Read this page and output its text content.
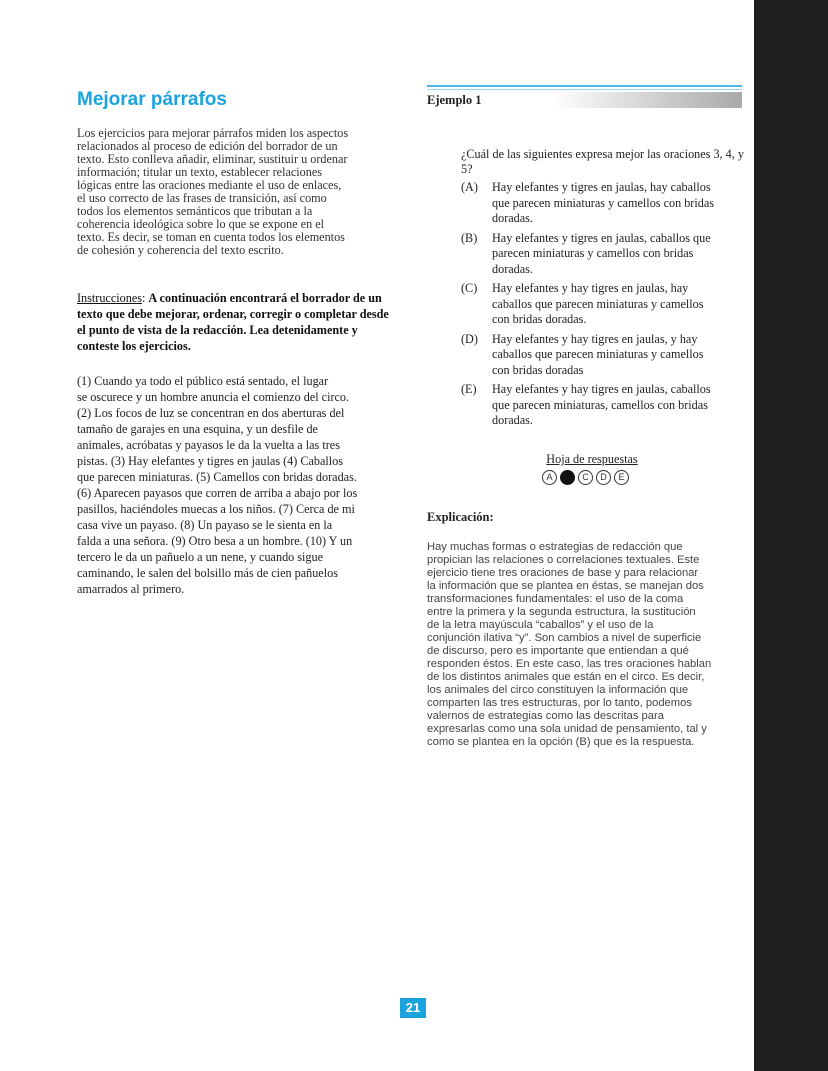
Mejorar párrafos
Los ejercicios para mejorar párrafos miden los aspectos
relacionados al proceso de edición del borrador de un
texto. Esto conlleva añadir, eliminar, sustituir u ordenar
información; titular un texto, establecer relaciones
lógicas entre las oraciones mediante el uso de enlaces,
el uso correcto de las frases de transición, así como
todos los elementos semánticos que tributan a la
coherencia ideológica sobre lo que se expone en el
texto. Es decir, se toman en cuenta todos los elementos
de cohesión y coherencia del texto escrito.

Instrucciones: A continuación encontrará el borrador de un texto que debe mejorar, ordenar, corregir o completar desde el punto de vista de la redacción. Lea detenidamente y conteste los ejercicios.

(1) Cuando ya todo el público está sentado, el lugar
se oscurece y un hombre anuncia el comienzo del circo.
(2) Los focos de luz se concentran en dos aberturas del
tamaño de garajes en una esquina, y un desfile de
animales, acróbatas y payasos le da la vuelta a las tres
pistas. (3) Hay elefantes y tigres en jaulas (4) Caballos
que parecen miniaturas. (5) Camellos con bridas doradas.
(6) Aparecen payasos que corren de arriba a abajo por los
pasillos, haciéndoles muecas a los niños. (7) Cerca de mi
casa vive un payaso. (8) Un payaso se le sienta en la
falda a una señora. (9) Otro besa a un hombre. (10) Y un
tercero le da un pañuelo a un nene, y cuando sigue
caminando, le salen del bolsillo más de cien pañuelos
amarrados al primero.
Ejemplo 1

¿Cuál de las siguientes expresa mejor las oraciones 3, 4, y 5?

(A) Hay elefantes y tigres en jaulas, hay caballos
que parecen miniaturas y camellos con bridas
doradas.
(B) Hay elefantes y tigres en jaulas, caballos que
parecen miniaturas y camellos con bridas
doradas.
(C) Hay elefantes y hay tigres en jaulas, hay
caballos que parecen miniaturas y camellos
con bridas doradas.
(D) Hay elefantes y hay tigres en jaulas, y hay
caballos que parecen miniaturas y camellos
con bridas doradas
(E) Hay elefantes y hay tigres en jaulas, caballos
que parecen miniaturas, camellos con bridas
doradas.
Hoja de respuestas
A	B	C	D	E
Explicación:
Hay muchas formas o estrategias de redacción que
propician las relaciones o correlaciones textuales. Este
ejercicio tiene tres oraciones de base y para relacionar
la información que se plantea en éstas, se manejan dos
transformaciones fundamentales: el uso de la coma
entre la primera y la segunda estructura, la sustitución
de la letra mayúscula “caballos” y el uso de la
conjunción ilativa “y”. Son cambios a nivel de superficie
de discurso, pero es importante que entiendan a qué
responden éstos. En este caso, las tres oraciones hablan
de los distintos animales que están en el circo. Es decir,
los animales del circo constituyen la información que
comparten las tres estructuras, por lo tanto, podemos
valernos de estrategias como las descritas para
expresarlas como una sola unidad de pensamiento, tal y
como se plantea en la opción (B) que es la respuesta.
21
